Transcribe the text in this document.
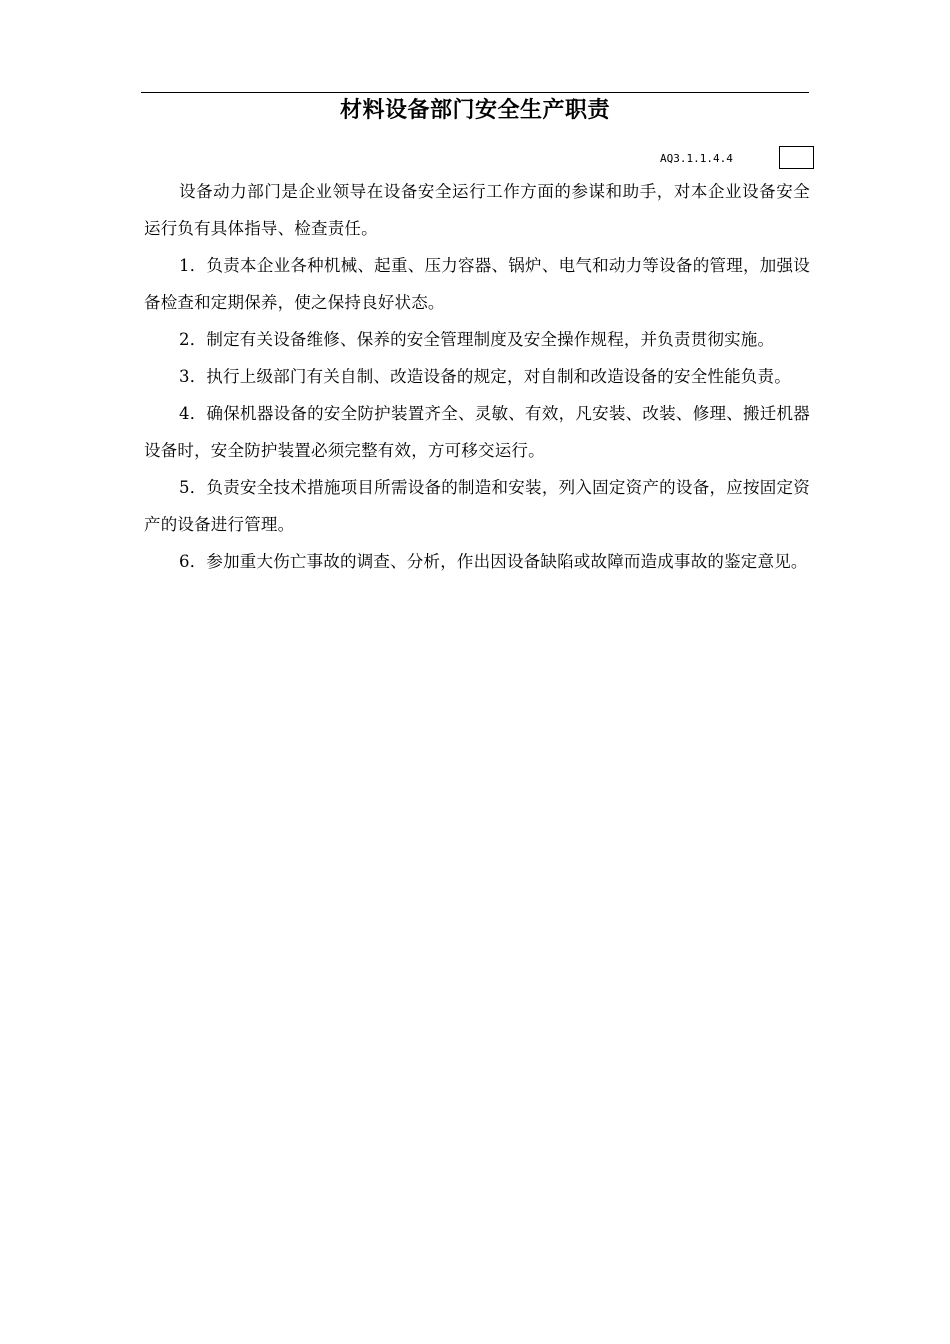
材料设备部门安全生产职责
AQ3.1.1.4.4

设备动力部门是企业领导在设备安全运行工作方面的参谋和助手，对本企业设备安全运行负有具体指导、检查责任。

1．负责本企业各种机械、起重、压力容器、锅炉、电气和动力等设备的管理，加强设备检查和定期保养，使之保持良好状态。

2．制定有关设备维修、保养的安全管理制度及安全操作规程，并负责贯彻实施。

3．执行上级部门有关自制、改造设备的规定，对自制和改造设备的安全性能负责。

4．确保机器设备的安全防护装置齐全、灵敏、有效，凡安装、改装、修理、搬迁机器设备时，安全防护装置必须完整有效，方可移交运行。

5．负责安全技术措施项目所需设备的制造和安装，列入固定资产的设备，应按固定资产的设备进行管理。

6．参加重大伤亡事故的调查、分析，作出因设备缺陷或故障而造成事故的鉴定意见。
